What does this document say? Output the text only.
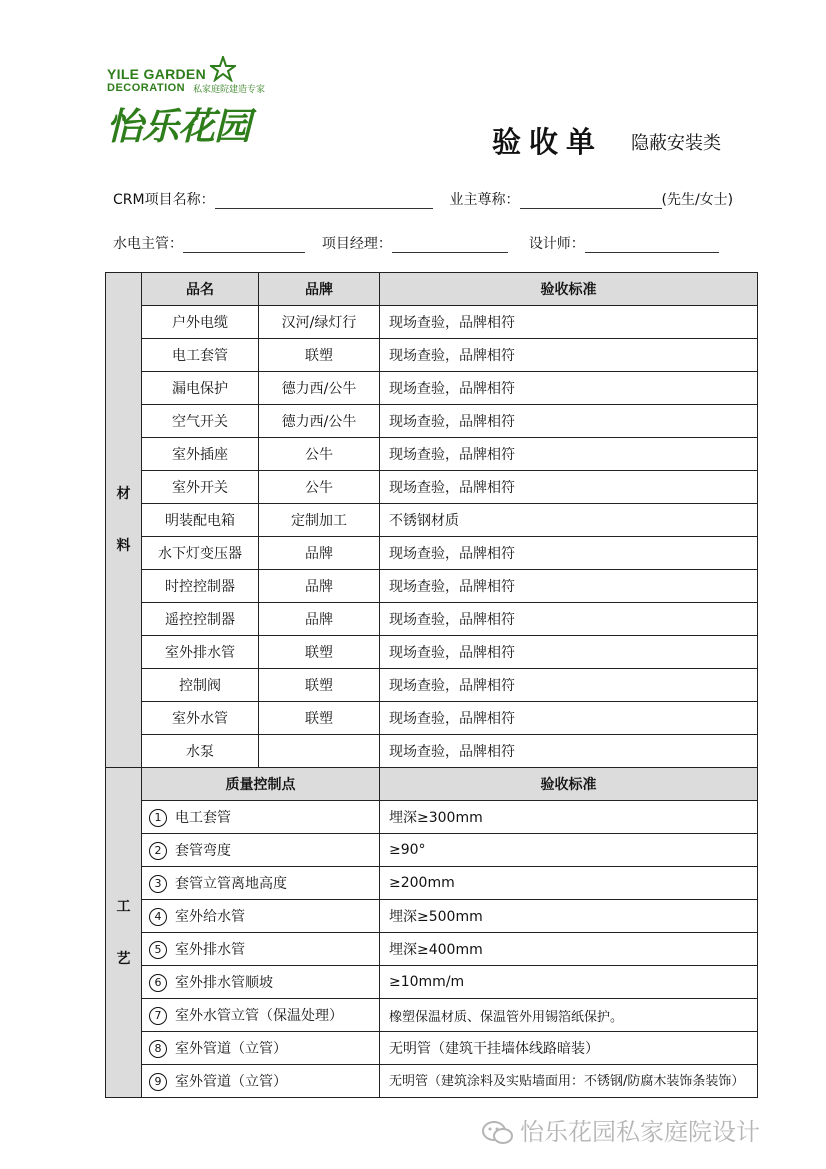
YILE GARDEN
DECORATION 私家庭院建造专家
怡乐花园	验收单 隐蔽安装类
CRM项目名称：	业主尊称：	(先生/女士)
水电主管：	项目经理：	设计师：
材
料	品名	品牌	验收标准
	户外电缆	汉河/绿灯行	现场查验，品牌相符
	电工套管	联塑	现场查验，品牌相符
	漏电保护	德力西/公牛	现场查验，品牌相符
	空气开关	德力西/公牛	现场查验，品牌相符
	室外插座	公牛	现场查验，品牌相符
	室外开关	公牛	现场查验，品牌相符
	明装配电箱	定制加工	不锈钢材质
	水下灯变压器	品牌	现场查验，品牌相符
	时控控制器	品牌	现场查验，品牌相符
	遥控控制器	品牌	现场查验，品牌相符
	室外排水管	联塑	现场查验，品牌相符
	控制阀	联塑	现场查验，品牌相符
	室外水管	联塑	现场查验，品牌相符
	水泵		现场查验，品牌相符

工
艺	质量控制点		验收标准
	1 电工套管		埋深≥300mm
	2 套管弯度		≥90°
	3 套管立管离地高度		≥200mm
	4 室外给水管		埋深≥500mm
	5 室外排水管		埋深≥400mm
	6 室外排水管顺坡		≥10mm/m
	7 室外水管立管（保温处理）		橡塑保温材质、保温管外用锡箔纸保护。
	8 室外管道（立管）		无明管（建筑干挂墙体线路暗装）
	9 室外管道（立管）		无明管（建筑涂料及实贴墙面用：不锈钢/防腐木装饰条装饰）
怡乐花园私家庭院设计
